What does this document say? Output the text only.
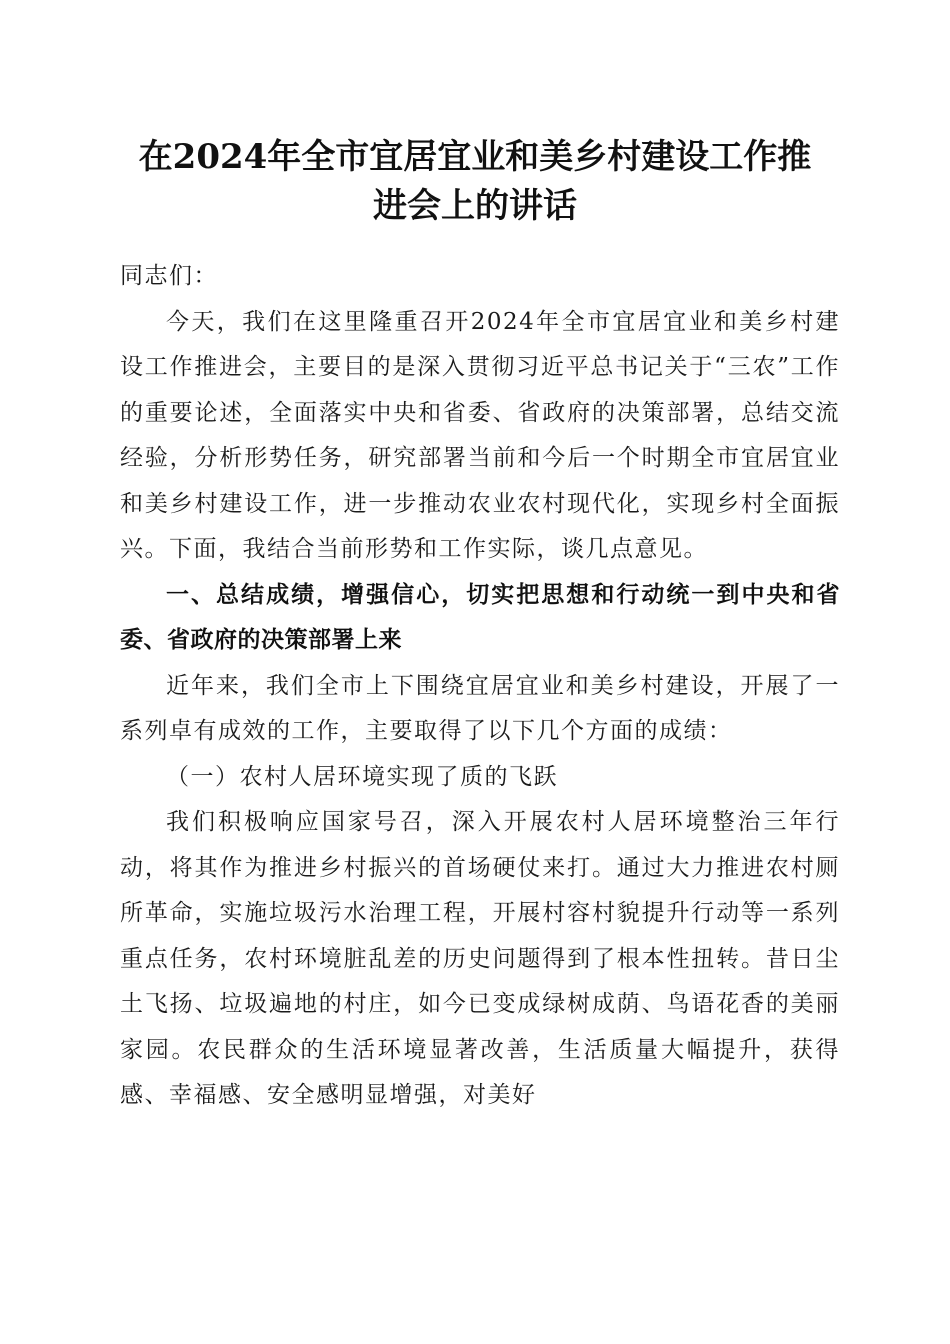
在2024年全市宜居宜业和美乡村建设工作推
进会上的讲话

同志们：

今天，我们在这里隆重召开2024年全市宜居宜业和美乡村建设工作推进会，主要目的是深入贯彻习近平总书记关于“三农”工作的重要论述，全面落实中央和省委、省政府的决策部署，总结交流经验，分析形势任务，研究部署当前和今后一个时期全市宜居宜业和美乡村建设工作，进一步推动农业农村现代化，实现乡村全面振兴。下面，我结合当前形势和工作实际，谈几点意见。

一、总结成绩，增强信心，切实把思想和行动统一到中央和省委、省政府的决策部署上来

近年来，我们全市上下围绕宜居宜业和美乡村建设，开展了一系列卓有成效的工作，主要取得了以下几个方面的成绩：

（一）农村人居环境实现了质的飞跃

我们积极响应国家号召，深入开展农村人居环境整治三年行动，将其作为推进乡村振兴的首场硬仗来打。通过大力推进农村厕所革命，实施垃圾污水治理工程，开展村容村貌提升行动等一系列重点任务，农村环境脏乱差的历史问题得到了根本性扭转。昔日尘土飞扬、垃圾遍地的村庄，如今已变成绿树成荫、鸟语花香的美丽家园。农民群众的生活环境显著改善，生活质量大幅提升，获得感、幸福感、安全感明显增强，对美好
